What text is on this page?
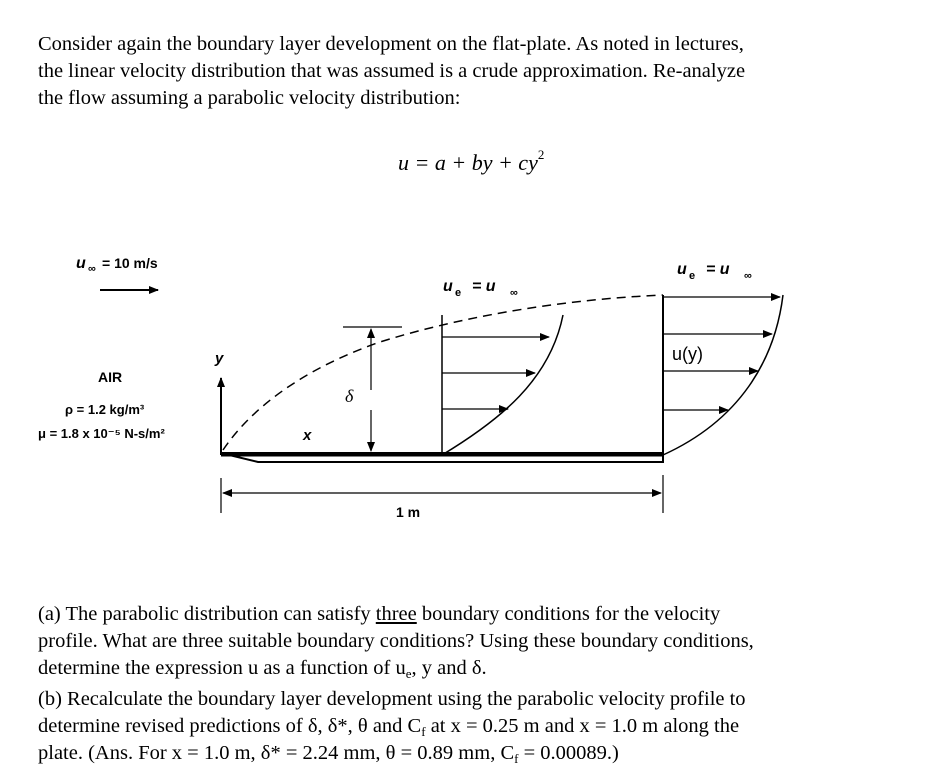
Consider again the boundary layer development on the flat-plate. As noted in lectures,
the linear velocity distribution that was assumed is a crude approximation. Re-analyze
the flow assuming a parabolic velocity distribution:
u = a + by + $cy^2$
u ∞ = 10 m/s
AIR
ρ = 1.2 kg/m³
μ = 1.8 x 10⁻⁵ N-s/m²
y
x
δ
u e = u ∞
u e = u ∞
u(y)
1 m
(a) The parabolic distribution can satisfy three boundary conditions for the velocity
profile. What are three suitable boundary conditions? Using these boundary conditions,
determine the expression u as a function of $u_e$, y and δ.
(b) Recalculate the boundary layer development using the parabolic velocity profile to
determine revised predictions of δ, δ*, θ and $C_f$ at x = 0.25 m and x = 1.0 m along the
plate. (Ans. For x = 1.0 m, δ* = 2.24 mm, θ = 0.89 mm, $C_f = 0.00089$.)
